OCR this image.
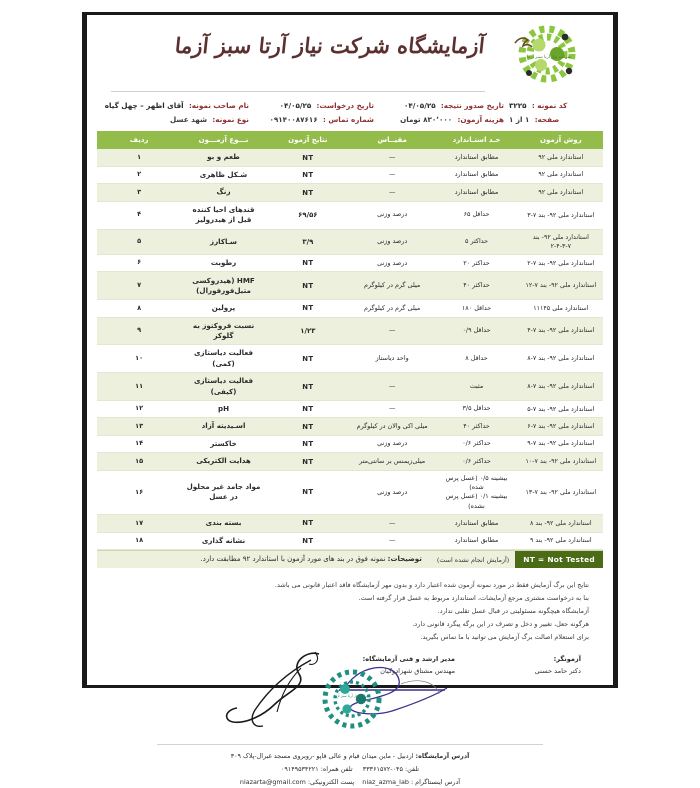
آزمایشگاه شرکت نیاز آرتا سبز آزما	شرکت نیاز آرتا سبز آزما
کد نمونه : ۳۲۲۵
صفحه: ۱ از ۱
تاریخ صدور نتیجه: ۰۴/۰۵/۲۵
هزینه آزمون: ۸۳۰٬۰۰۰ تومان
تاریخ درخواست: ۰۴/۰۵/۲۵
شماره تماس : ۰۹۱۴۰۰۸۷۶۱۶
نام صاحب نمونه: آقای اظهر – چهل گیاه
نوع نمونه: شهد عسل
روش آزمون	حـد استـاندارد	مقیــاس	نتایج آزمون	نـــوع آزمـــون	ردیف
استاندارد ملی ۹۲	مطابق استاندارد	—	NT	طعم و بو	۱
استاندارد ملی ۹۲	مطابق استاندارد	—	NT	شـکل ظاهری	۲
استاندارد ملی ۹۲	مطابق استاندارد	—	NT	رنگ	۳
استاندارد ملی ۹۲- بند ۷-۳	حداقل ۶۵	درصد وزنی	۶۹/۵۶	قندهای احیا کننده قبل از هیدرولیز	۴
استاندارد ملی ۹۲- بند ۷-۳-۴-۲	حداکثر ۵	درصد وزنی	۳/۹	سـاکارز	۵
استاندارد ملی ۹۲- بند ۷-۲	حداکثر ۲۰	درصد وزنی	NT	رطوبت	۶
استاندارد ملی ۹۲- بند ۷-۱۲	حداکثر ۴۰	میلی گرم در کیلوگرم	NT	HMF (هیدروکسی متیل‌فورفورال)	۷
استاندارد ملی ۱۱۱۴۵	حداقل ۱۸۰	میلی گرم در کیلوگرم	NT	پرولین	۸
استاندارد ملی ۹۲- بند ۷-۴	حداقل ۰/۹	—	۱/۲۳	نسبت فروکتوز به گلوکز	۹
استاندارد ملی ۹۲- بند ۷-۸	حداقل ۸	واحد دیاستاز	NT	فعالیت دیاستازی (کمی)	۱۰
استاندارد ملی ۹۲- بند ۷-۸	مثبت	—	NT	فعالیت دیاستازی (کیفی)	۱۱
استاندارد ملی ۹۲- بند ۷-۵	حداقل ۳/۵	—	NT	pH	۱۲
استاندارد ملی ۹۲- بند ۷-۶	حداکثر ۴۰	میلی اکی والان در کیلوگرم	NT	اسـیدیته آزاد	۱۳
استاندارد ملی ۹۲- بند ۷-۹	حداکثر ۰/۶	درصد وزنی	NT	خاکستر	۱۴
استاندارد ملی ۹۲- بند ۷-۱۰	حداکثر ۰/۶	میلی‌زیمنس بر سانتی‌متر	NT	هدایت الکتریکی	۱۵
استاندارد ملی ۹۲- بند ۷-۱۳	بیشینه ۰/۵ (عسل پرس شده)
بیشینه ۰/۱ (عسل پرس نشده)	درصد وزنی	NT	مواد جامد غیر محلول در عسل	۱۶
استاندارد ملی ۹۲- بند ۸	مطابق استاندارد	—	NT	بسته بندی	۱۷
استاندارد ملی ۹۲- بند ۹	مطابق استاندارد	—	NT	نشانه گذاری	۱۸
NT = Not Tested
(آزمایش انجام نشده است)
توضیحات: نمونه فوق در بند های مورد آزمون با استاندارد ۹۲ مطابقت دارد.
نتایج این برگ آزمایش فقط در مورد نمونه آزمون شده اعتبار دارد و بدون مهر آزمایشگاه فاقد اعتبار قانونی می باشد.
بنا به درخواست مشتری مرجع آزمایشات، استاندارد مربوط به عسل قرار گرفته است.
آزمایشگاه هیچگونه مسئولیتی در قبال عسل تقلبی ندارد.
هرگونه جعل، تغییر و دخل و تصرف در این برگه پیگرد قانونی دارد.
برای استعلام اصالت برگ آزمایش می توانید با ما تماس بگیرید.
آزمونگر:
دکتر حامد حسنی
مدیر ارشد و فنی آزمایشگاه:
مهندس مشتاق شهزادوکیان
شرکت نیاز آرتا سبز آزما
آدرس آزمایشگاه: اردبیل - ماین میدان قیام و عالی قاپو -روبروی مسجد غبرال-پلاک ۳۰۹
تلفن: ۰۴۵-۳۳۳۶۱۵۷۲     تلفن همراه: ۰۹۱۴۹۵۳۴۲۲۱
آدرس اینستاگرام : niaz_azma_lab    پست الکترونیکی: niazarta@gmail.com
